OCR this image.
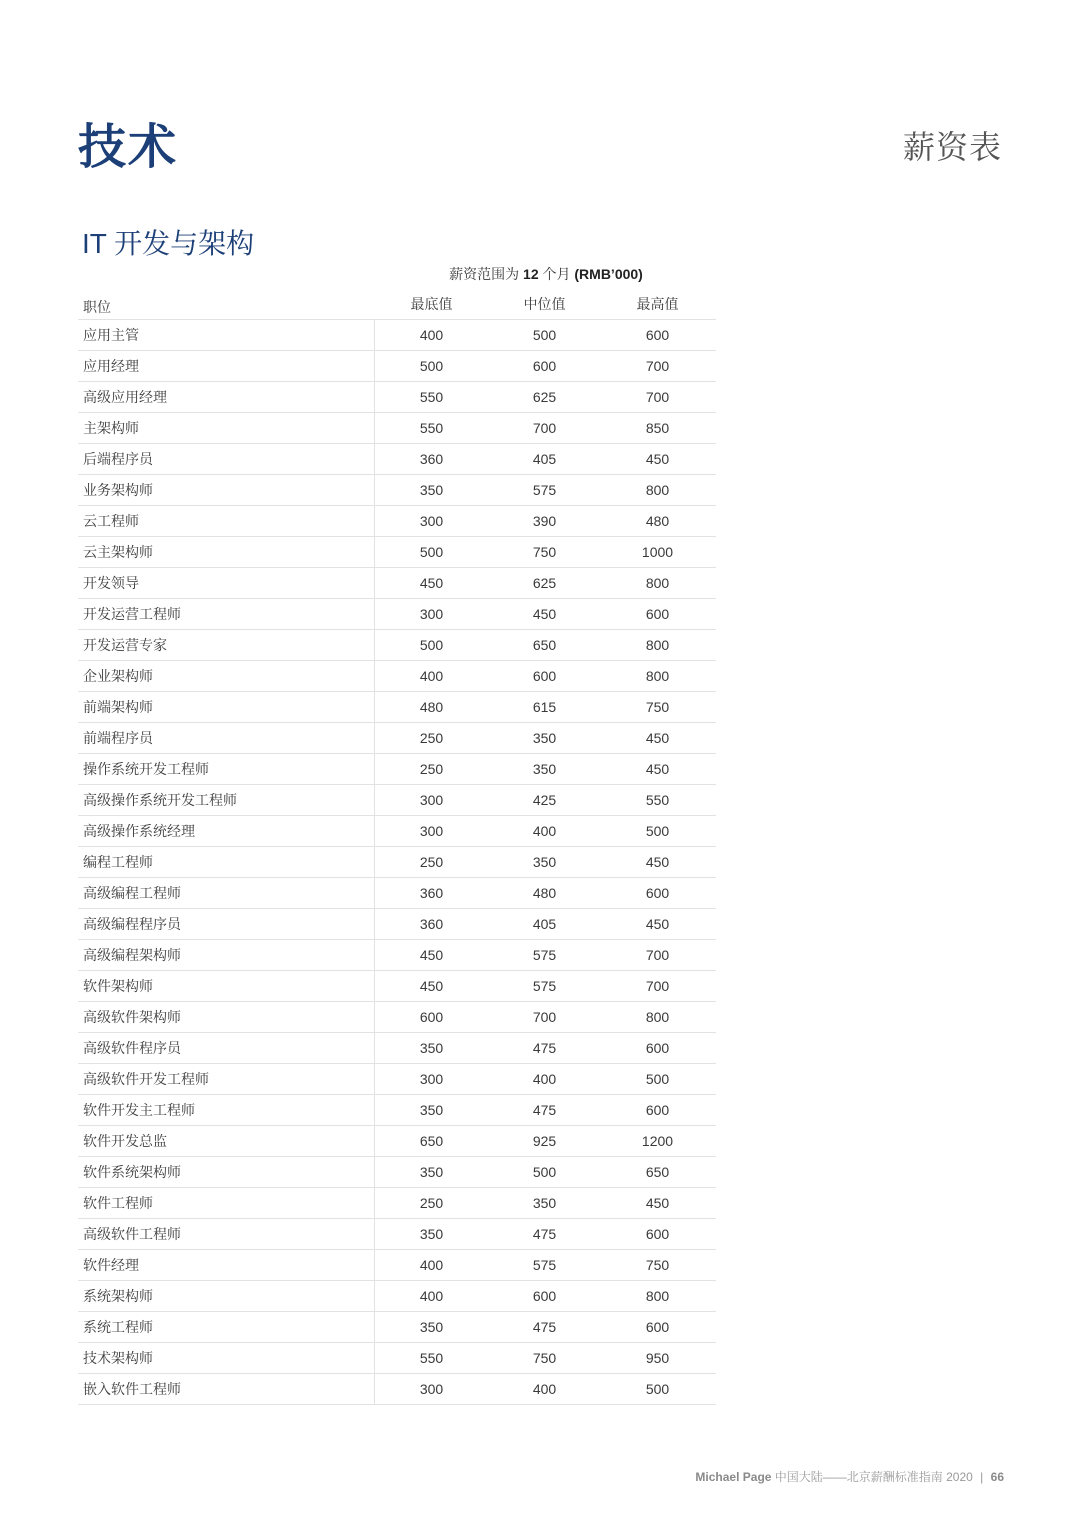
技术	薪资表
IT 开发与架构
薪资范围为 12 个月 (RMB’000)
职位	最底值	中位值	最高值
应用主管	400	500	600
应用经理	500	600	700
高级应用经理	550	625	700
主架构师	550	700	850
后端程序员	360	405	450
业务架构师	350	575	800
云工程师	300	390	480
云主架构师	500	750	1000
开发领导	450	625	800
开发运营工程师	300	450	600
开发运营专家	500	650	800
企业架构师	400	600	800
前端架构师	480	615	750
前端程序员	250	350	450
操作系统开发工程师	250	350	450
高级操作系统开发工程师	300	425	550
高级操作系统经理	300	400	500
编程工程师	250	350	450
高级编程工程师	360	480	600
高级编程程序员	360	405	450
高级编程架构师	450	575	700
软件架构师	450	575	700
高级软件架构师	600	700	800
高级软件程序员	350	475	600
高级软件开发工程师	300	400	500
软件开发主工程师	350	475	600
软件开发总监	650	925	1200
软件系统架构师	350	500	650
软件工程师	250	350	450
高级软件工程师	350	475	600
软件经理	400	575	750
系统架构师	400	600	800
系统工程师	350	475	600
技术架构师	550	750	950
嵌入软件工程师	300	400	500
Michael Page 中国大陆——北京薪酬标准指南 2020 | 66
